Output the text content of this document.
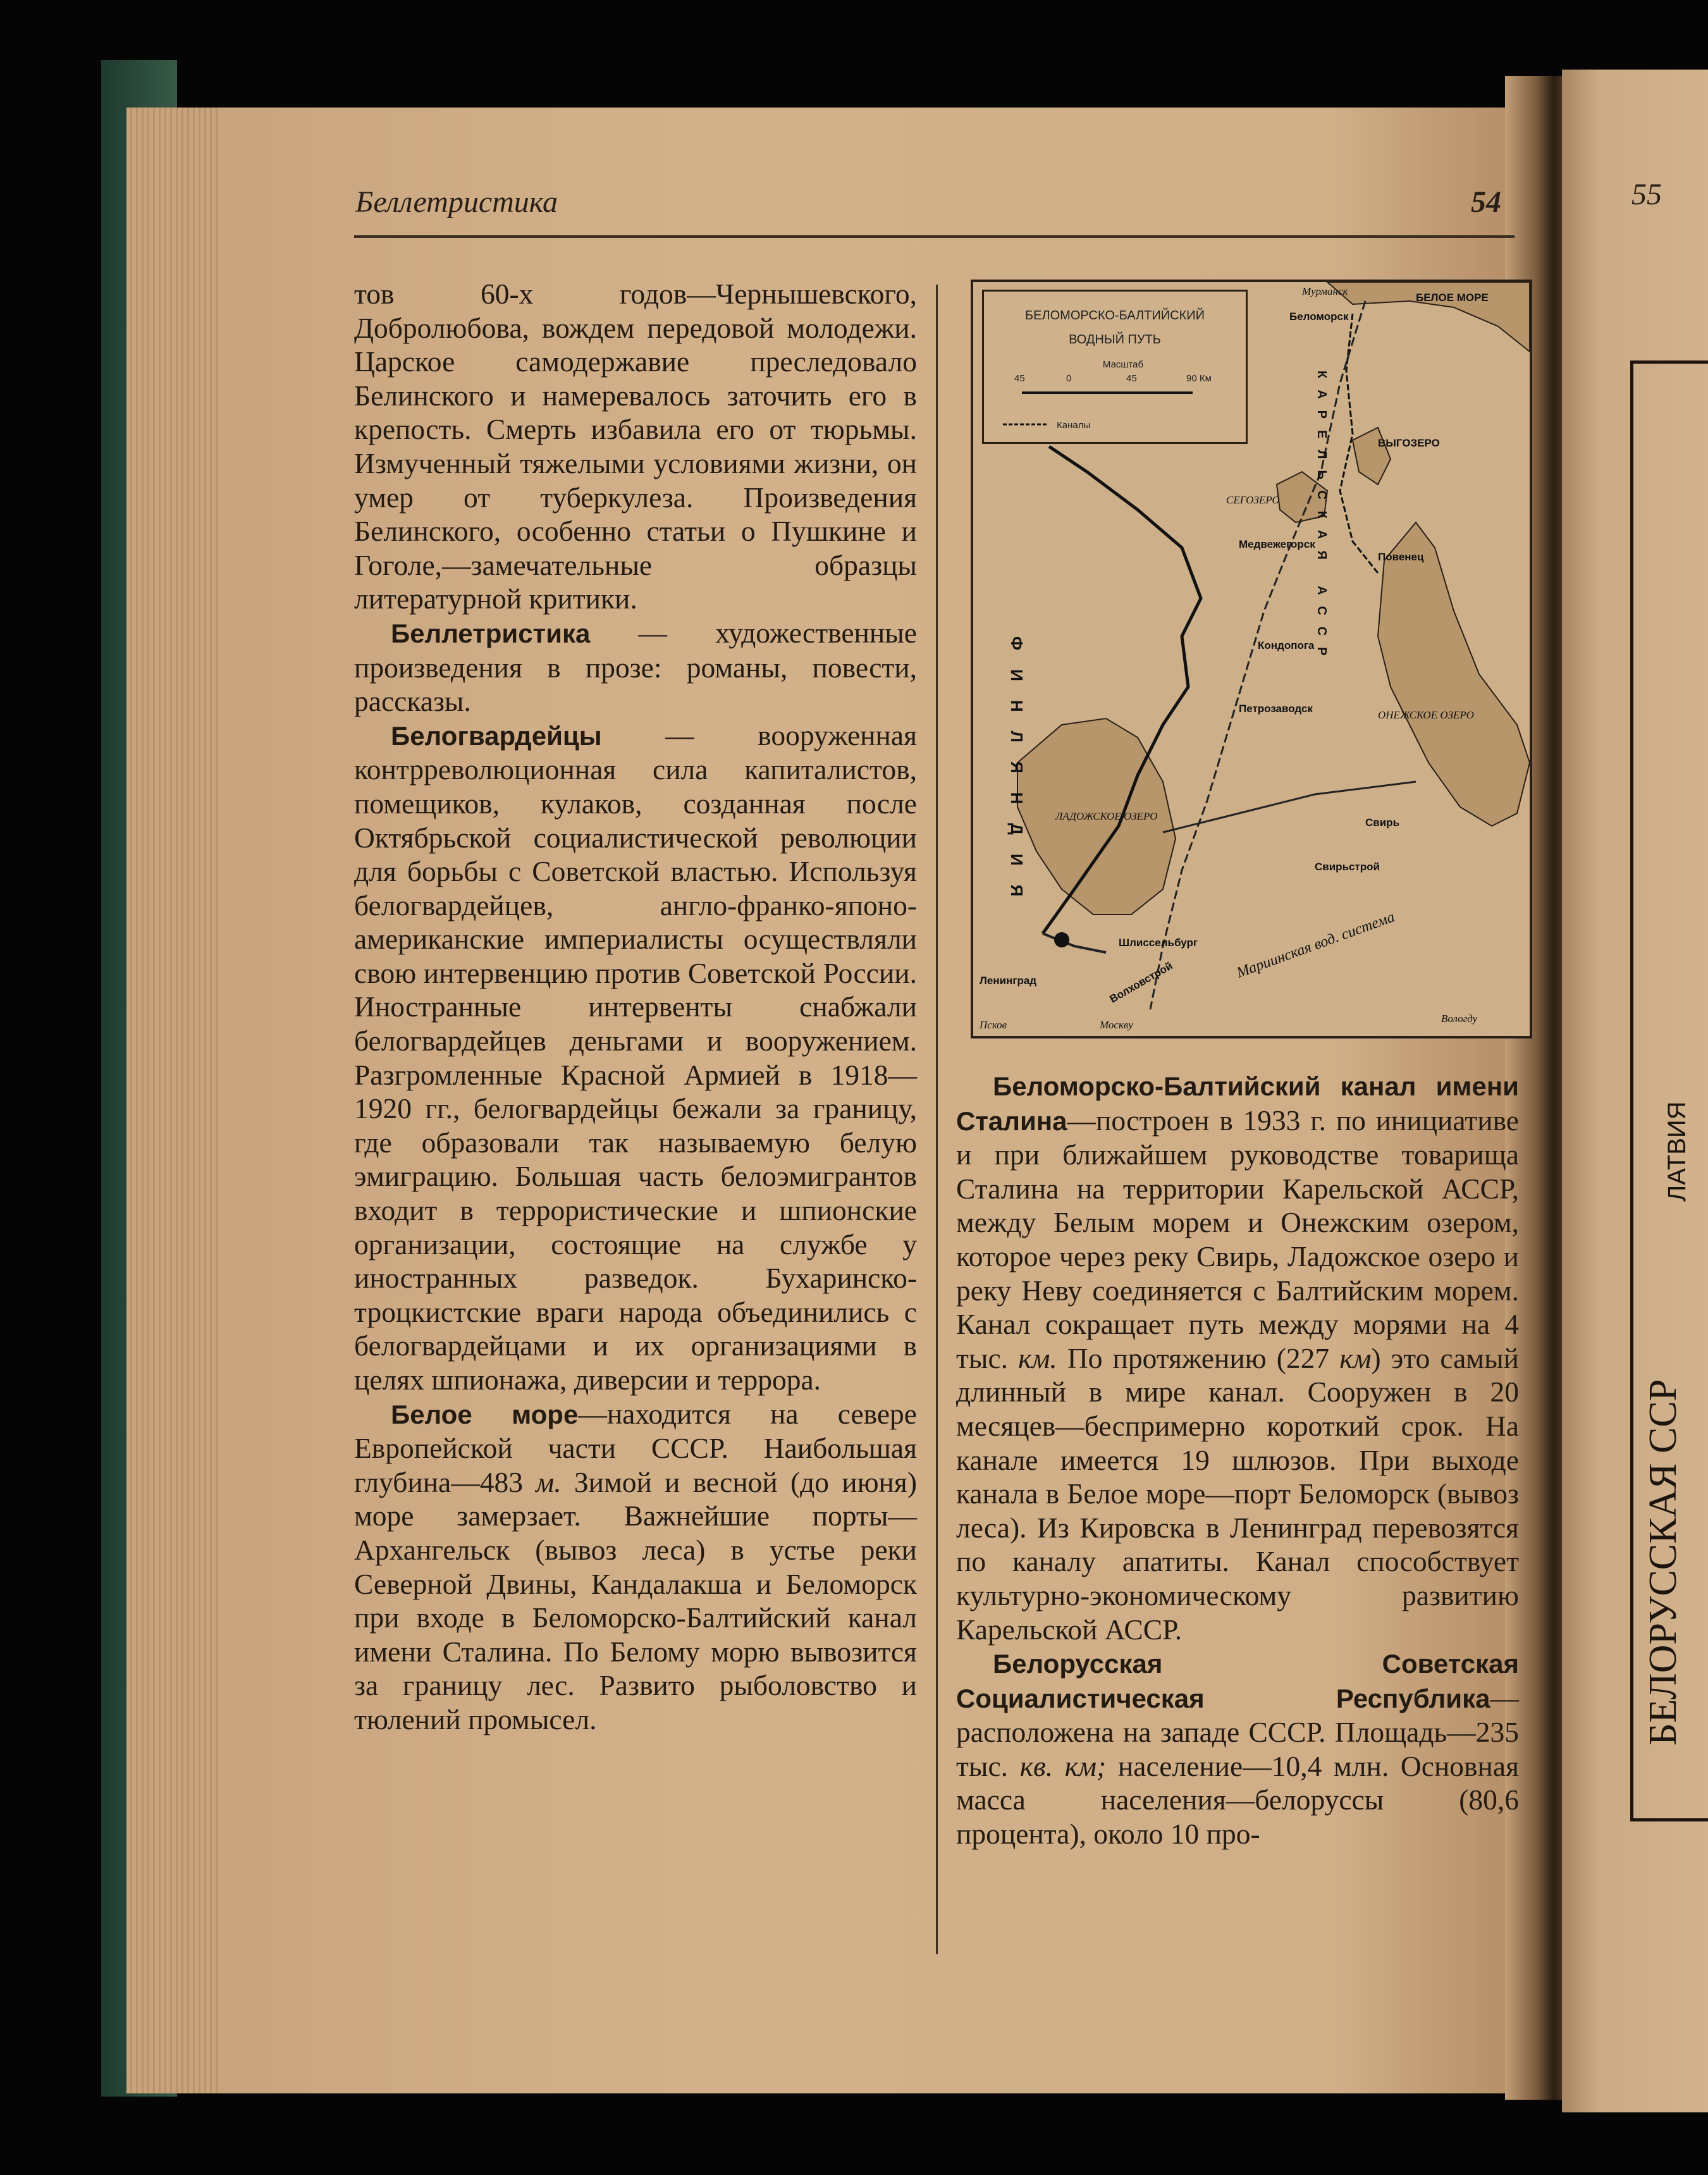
Беллетристика	54	55

тов 60-х годов—Чернышевского, Добролюбова, вождем передовой молодежи. Царское самодержавие преследовало Белинского и намеревалось заточить его в крепость. Смерть избавила его от тюрьмы. Измученный тяжелыми условиями жизни, он умер от туберкулеза. Произведения Белинского, особенно статьи о Пушкине и Гоголе,—замечательные образцы литературной критики.

Беллетристика — художественные произведения в прозе: романы, повести, рассказы.

Белогвардейцы — вооруженная контрреволюционная сила капиталистов, помещиков, кулаков, созданная после Октябрьской социалистической революции для борьбы с Советской властью. Используя белогвардейцев, англо-франко-японо-американские империалисты осуществляли свою интервенцию против Советской России. Иностранные интервенты снабжали белогвардейцев деньгами и вооружением. Разгромленные Красной Армией в 1918—1920 гг., белогвардейцы бежали за границу, где образовали так называемую белую эмиграцию. Большая часть белоэмигрантов входит в террористические и шпионские организации, состоящие на службе у иностранных разведок. Бухаринско-троцкистские враги народа объединились с белогвардейцами и их организациями в целях шпионажа, диверсии и террора.

Белое море—находится на севере Европейской части СССР. Наибольшая глубина—483 м. Зимой и весной (до июня) море замерзает. Важнейшие порты—Архангельск (вывоз леса) в устье реки Северной Двины, Кандалакша и Беломорск при входе в Беломорско-Балтийский канал имени Сталина. По Белому морю вывозится за границу лес. Развито рыболовство и тюлений промысел.

Мурманск
БЕЛОЕ МОРЕ
Беломорск
ВЫГОЗЕРО
СЕГОЗЕРО
Медвежегорск
Повенец
Кондопога
Петрозаводск
ОНЕЖСКОЕ ОЗЕРО
ЛАДОЖСКОЕ ОЗЕРО
Свирь
Свирьстрой
Шлиссельбург
Ленинград	Волховстрой
Псков	Москву
Вологду
ФИНЛЯНДИЯ
КАРЕЛЬСКАЯ АССР
Мариинская вод. система
БЕЛОМОРСКО-БАЛТИЙСКИЙ
ВОДНЫЙ ПУТЬ
Масштаб
45	0	45	90 Км
Каналы

Беломорско-Балтийский канал имени Сталина—построен в 1933 г. по инициативе и при ближайшем руководстве товарища Сталина на территории Карельской АССР, между Белым морем и Онежским озером, которое через реку Свирь, Ладожское озеро и реку Неву соединяется с Балтийским морем. Канал сокращает путь между морями на 4 тыс. км. По протяжению (227 км) это самый длинный в мире канал. Сооружен в 20 месяцев—беспримерно короткий срок. На канале имеется 19 шлюзов. При выходе канала в Белое море—порт Беломорск (вывоз леса). Из Кировска в Ленинград перевозятся по каналу апатиты. Канал способствует культурно-экономическому развитию Карельской АССР.

Белорусская Советская Социалистическая Республика—расположена на западе СССР. Площадь—235 тыс. кв. км; население—10,4 млн. Основная масса населения—белоруссы (80,6 процента), около 10 про-

БЕЛОРУССКАЯ ССР
ЛАТВИЯ
